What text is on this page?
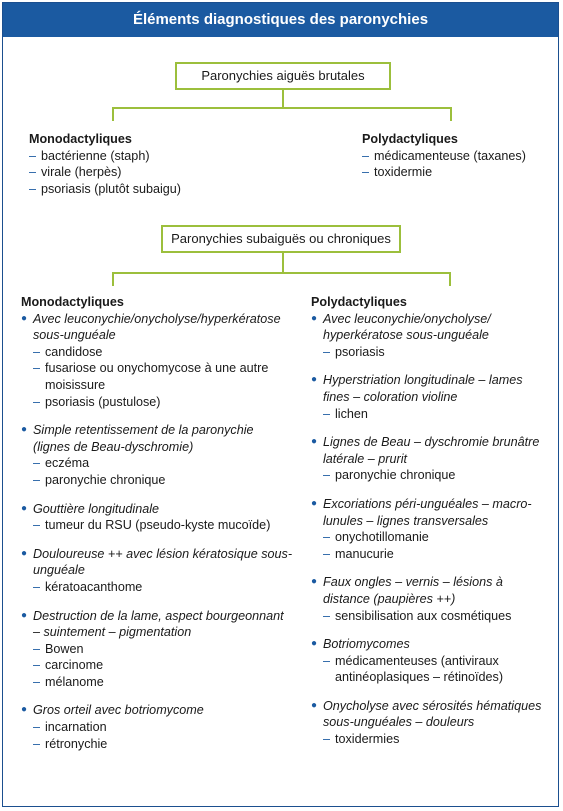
Éléments diagnostiques des paronychies
Paronychies aiguës brutales
Monodactyliques
– bactérienne (staph)
– virale (herpès)
– psoriasis (plutôt subaigu)
Polydactyliques
– médicamenteuse (taxanes)
– toxidermie
Paronychies subaiguës ou chroniques
Monodactyliques
● Avec leuconychie/onycholyse/hyperkératose sous-unguéale
– candidose
– fusariose ou onychomycose à une autre moisissure
– psoriasis (pustulose)
● Simple retentissement de la paronychie (lignes de Beau-dyschromie)
– eczéma
– paronychie chronique
● Gouttière longitudinale
– tumeur du RSU (pseudo-kyste mucoïde)
● Douloureuse ++ avec lésion kératosique sous-unguéale
– kératoacanthome
● Destruction de la lame, aspect bourgeonnant – suintement – pigmentation
– Bowen
– carcinome
– mélanome
● Gros orteil avec botriomycome
– incarnation
– rétronychie
Polydactyliques
● Avec leuconychie/onycholyse/ hyperkératose sous-unguéale
– psoriasis
● Hyperstriation longitudinale – lames fines – coloration violine
– lichen
● Lignes de Beau – dyschromie brunâtre latérale – prurit
– paronychie chronique
● Excoriations péri-unguéales – macro-lunules – lignes transversales
– onychotillomanie
– manucurie
● Faux ongles – vernis – lésions à distance (paupières ++)
– sensibilisation aux cosmétiques
● Botriomycomes
– médicamenteuses (antiviraux antinéoplasiques – rétinoïdes)
● Onycholyse avec sérosités hématiques sous-unguéales – douleurs
– toxidermies
